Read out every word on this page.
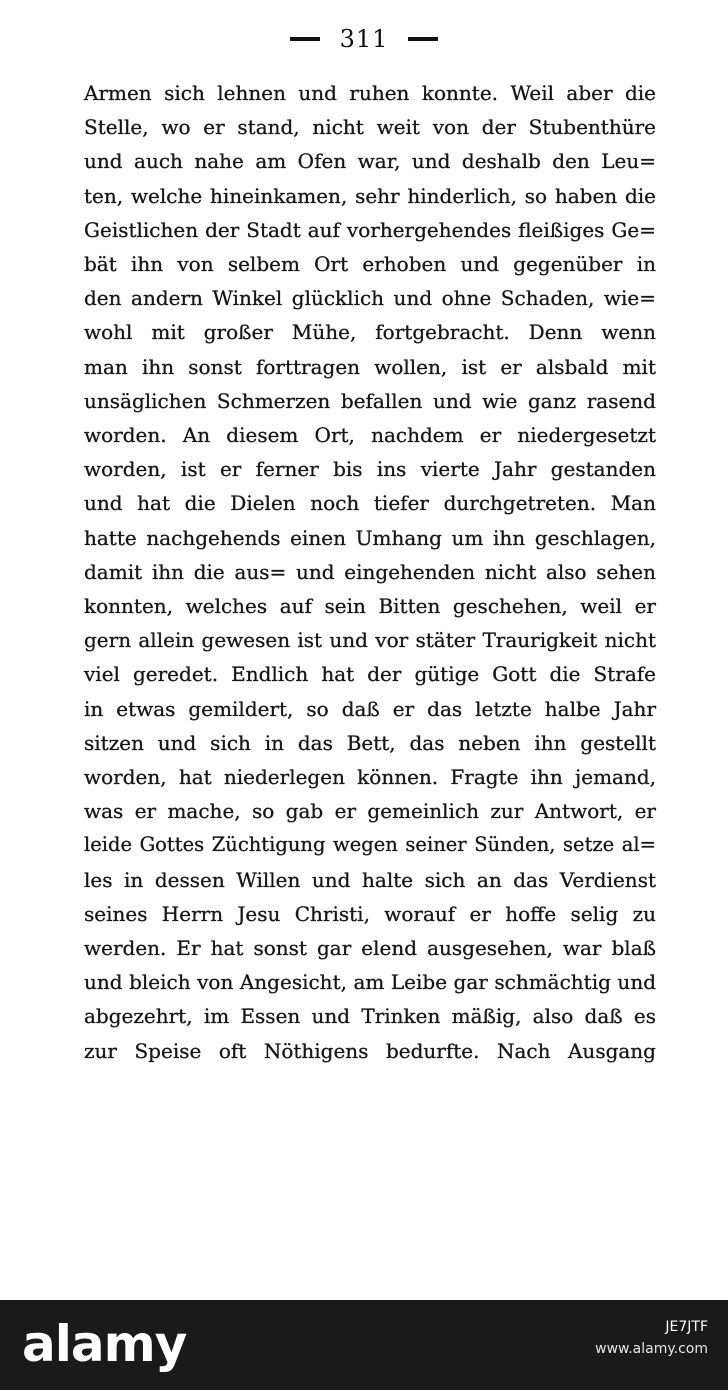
311
Armen sich lehnen und ruhen konnte. Weil aber die
Stelle, wo er stand, nicht weit von der Stubenthüre
und auch nahe am Ofen war, und deshalb den Leu=
ten, welche hineinkamen, sehr hinderlich, so haben die
Geistlichen der Stadt auf vorhergehendes fleißiges Ge=
bät ihn von selbem Ort erhoben und gegenüber in
den andern Winkel glücklich und ohne Schaden, wie=
wohl mit großer Mühe, fortgebracht. Denn wenn
man ihn sonst forttragen wollen, ist er alsbald mit
unsäglichen Schmerzen befallen und wie ganz rasend
worden. An diesem Ort, nachdem er niedergesetzt
worden, ist er ferner bis ins vierte Jahr gestanden
und hat die Dielen noch tiefer durchgetreten. Man
hatte nachgehends einen Umhang um ihn geschlagen,
damit ihn die aus= und eingehenden nicht also sehen
konnten, welches auf sein Bitten geschehen, weil er
gern allein gewesen ist und vor stäter Traurigkeit nicht
viel geredet. Endlich hat der gütige Gott die Strafe
in etwas gemildert, so daß er das letzte halbe Jahr
sitzen und sich in das Bett, das neben ihn gestellt
worden, hat niederlegen können. Fragte ihn jemand,
was er mache, so gab er gemeinlich zur Antwort, er
leide Gottes Züchtigung wegen seiner Sünden, setze al=
les in dessen Willen und halte sich an das Verdienst
seines Herrn Jesu Christi, worauf er hoffe selig zu
werden. Er hat sonst gar elend ausgesehen, war blaß
und bleich von Angesicht, am Leibe gar schmächtig und
abgezehrt, im Essen und Trinken mäßig, also daß es
zur Speise oft Nöthigens bedurfte. Nach Ausgang
alamy	JE7JTF
www.alamy.com
